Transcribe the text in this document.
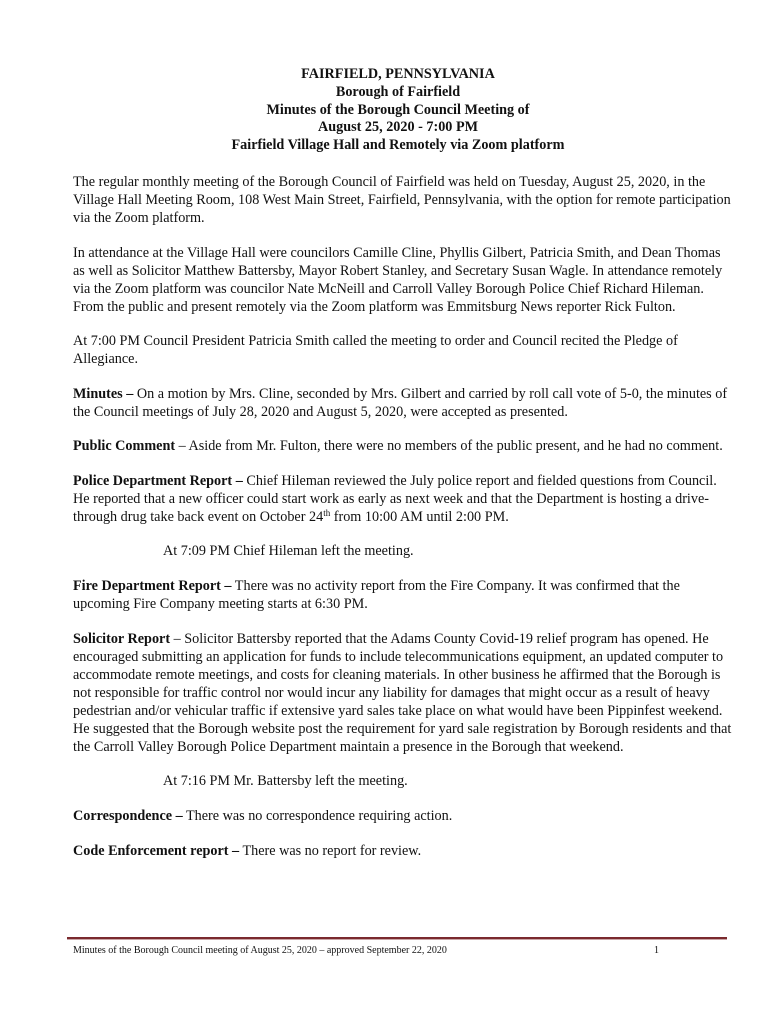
FAIRFIELD, PENNSYLVANIA
Borough of Fairfield
Minutes of the Borough Council Meeting of
August 25, 2020 - 7:00 PM
Fairfield Village Hall and Remotely via Zoom platform

The regular monthly meeting of the Borough Council of Fairfield was held on Tuesday, August 25, 2020, in the Village Hall Meeting Room, 108 West Main Street, Fairfield, Pennsylvania, with the option for remote participation via the Zoom platform.

In attendance at the Village Hall were councilors Camille Cline, Phyllis Gilbert, Patricia Smith, and Dean Thomas as well as Solicitor Matthew Battersby, Mayor Robert Stanley, and Secretary Susan Wagle. In attendance remotely via the Zoom platform was councilor Nate McNeill and Carroll Valley Borough Police Chief Richard Hileman. From the public and present remotely via the Zoom platform was Emmitsburg News reporter Rick Fulton.

At 7:00 PM Council President Patricia Smith called the meeting to order and Council recited the Pledge of Allegiance.

Minutes – On a motion by Mrs. Cline, seconded by Mrs. Gilbert and carried by roll call vote of 5-0, the minutes of the Council meetings of July 28, 2020 and August 5, 2020, were accepted as presented.

Public Comment – Aside from Mr. Fulton, there were no members of the public present, and he had no comment.

Police Department Report – Chief Hileman reviewed the July police report and fielded questions from Council. He reported that a new officer could start work as early as next week and that the Department is hosting a drive-through drug take back event on October 24th from 10:00 AM until 2:00 PM.

At 7:09 PM Chief Hileman left the meeting.

Fire Department Report – There was no activity report from the Fire Company. It was confirmed that the upcoming Fire Company meeting starts at 6:30 PM.

Solicitor Report – Solicitor Battersby reported that the Adams County Covid-19 relief program has opened. He encouraged submitting an application for funds to include telecommunications equipment, an updated computer to accommodate remote meetings, and costs for cleaning materials. In other business he affirmed that the Borough is not responsible for traffic control nor would incur any liability for damages that might occur as a result of heavy pedestrian and/or vehicular traffic if extensive yard sales take place on what would have been Pippinfest weekend. He suggested that the Borough website post the requirement for yard sale registration by Borough residents and that the Carroll Valley Borough Police Department maintain a presence in the Borough that weekend.

At 7:16 PM Mr. Battersby left the meeting.

Correspondence – There was no correspondence requiring action.

Code Enforcement report – There was no report for review.

Minutes of the Borough Council meeting of August 25, 2020 – approved September 22, 2020	1
